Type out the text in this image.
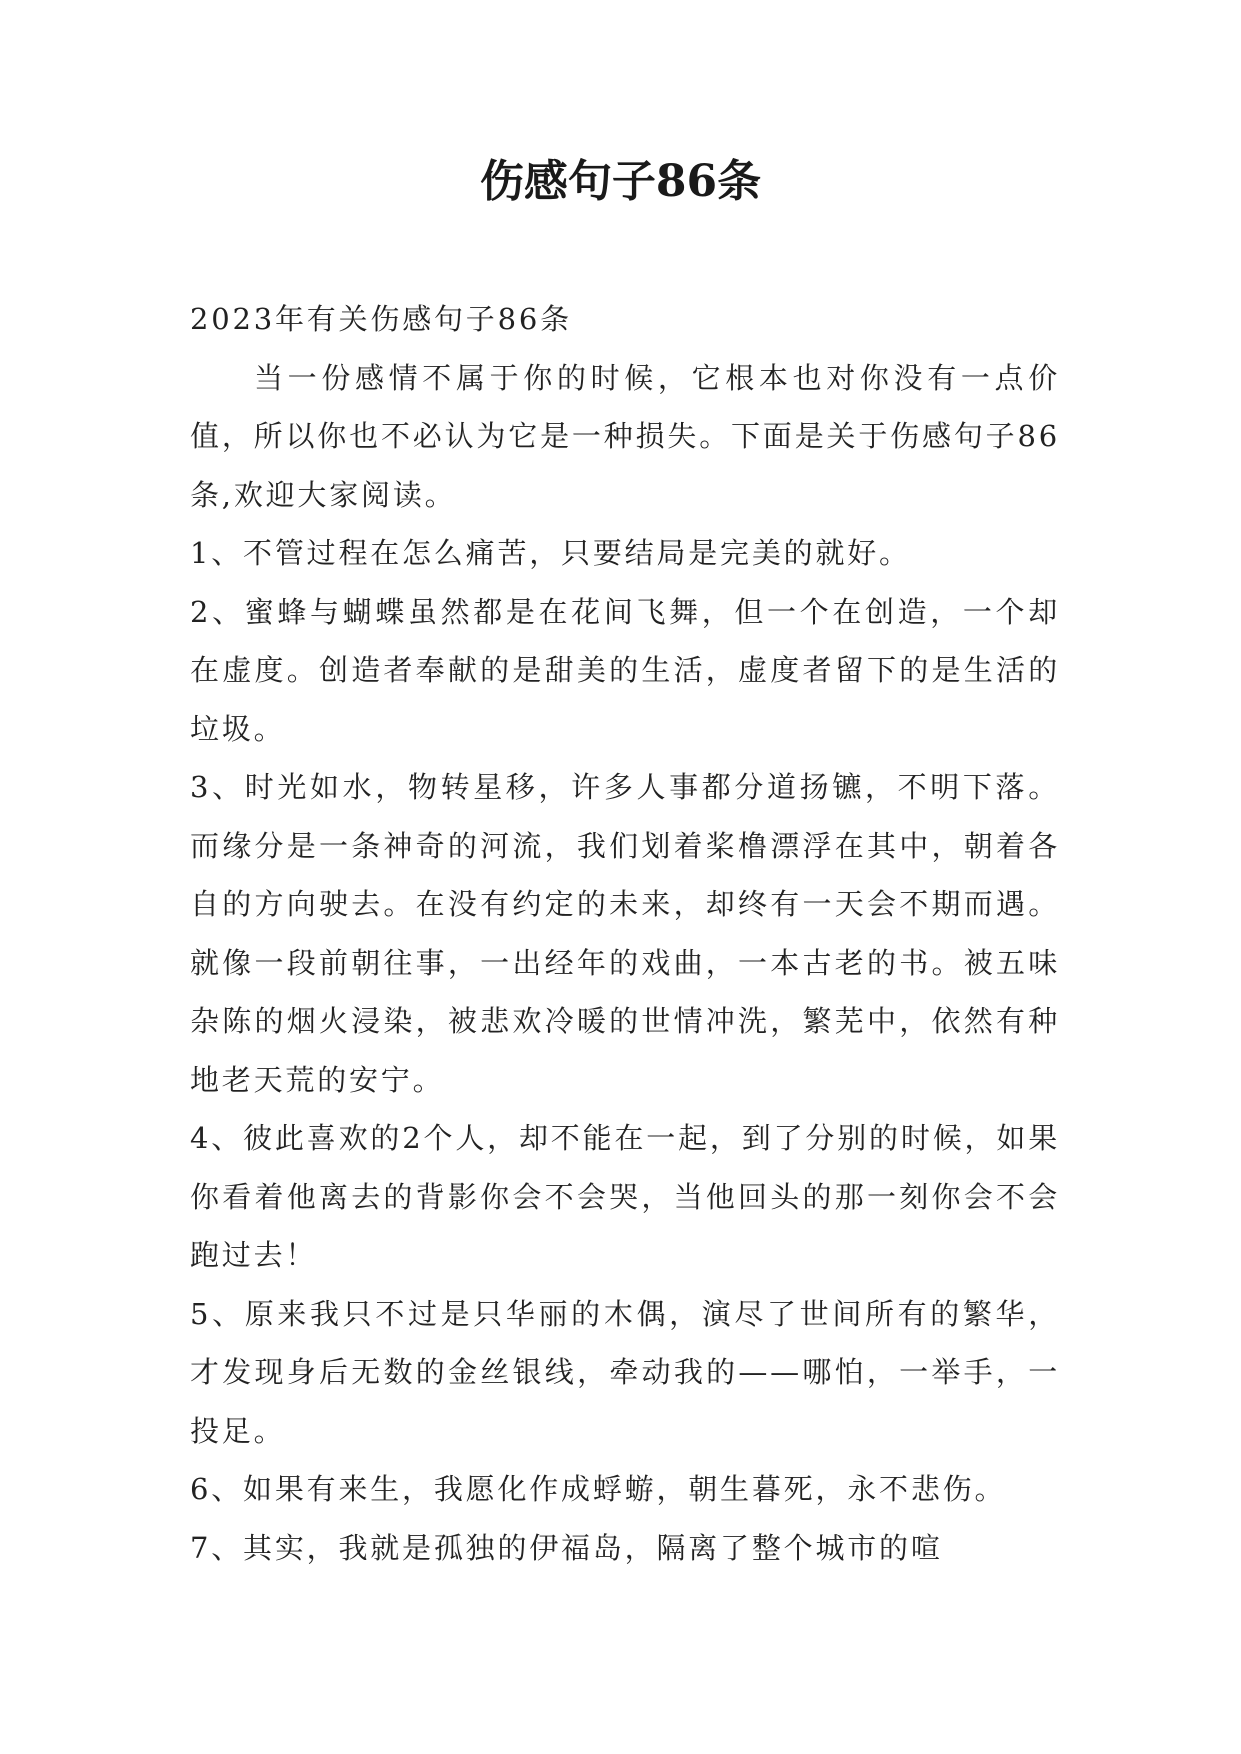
伤感句子86条

2023年有关伤感句子86条

当一份感情不属于你的时候，它根本也对你没有一点价值，所以你也不必认为它是一种损失。下面是关于伤感句子86条,欢迎大家阅读。

1、不管过程在怎么痛苦，只要结局是完美的就好。

2、蜜蜂与蝴蝶虽然都是在花间飞舞，但一个在创造，一个却在虚度。创造者奉献的是甜美的生活，虚度者留下的是生活的垃圾。

3、时光如水，物转星移，许多人事都分道扬镳，不明下落。而缘分是一条神奇的河流，我们划着桨橹漂浮在其中，朝着各自的方向驶去。在没有约定的未来，却终有一天会不期而遇。就像一段前朝往事，一出经年的戏曲，一本古老的书。被五味杂陈的烟火浸染，被悲欢冷暖的世情冲洗，繁芜中，依然有种地老天荒的安宁。

4、彼此喜欢的2个人，却不能在一起，到了分别的时候，如果你看着他离去的背影你会不会哭，当他回头的那一刻你会不会跑过去！

5、原来我只不过是只华丽的木偶，演尽了世间所有的繁华，才发现身后无数的金丝银线，牵动我的——哪怕，一举手，一投足。

6、如果有来生，我愿化作成蜉蝣，朝生暮死，永不悲伤。

7、其实，我就是孤独的伊福岛，隔离了整个城市的喧
